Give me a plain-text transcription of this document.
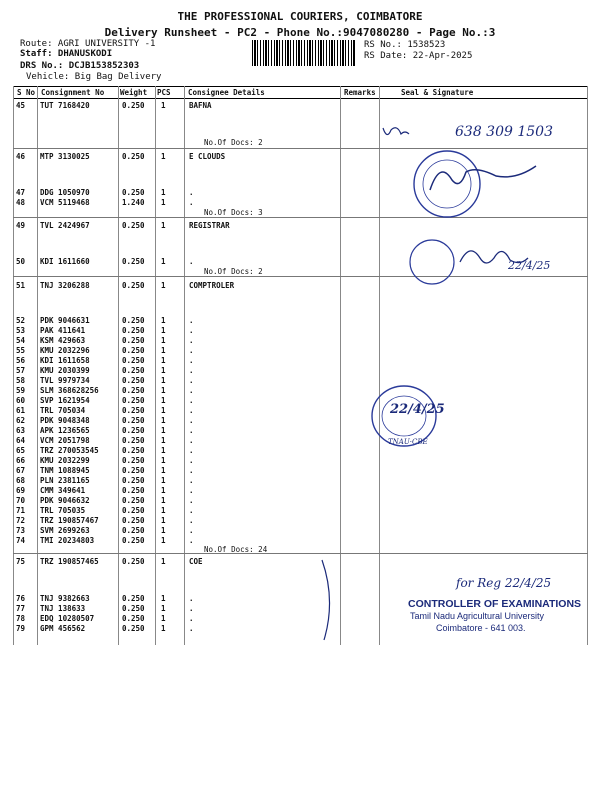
THE PROFESSIONAL COURIERS, COIMBATORE
Delivery Runsheet - PC2 - Phone No.:9047080280 - Page No.:3
Route: AGRI UNIVERSITY -1
Staff: DHANUSKODI
DRS No.: DCJB153852303
Vehicle: Big Bag Delivery
RS No.: 1538523
RS Date: 22-Apr-2025
S No Consignment No Weight PCS Consignee Details	Remarks	Seal & Signature
45 TUT 7168420	0.250 1	BAFNA
No.Of Docs: 2
46 MTP 3130025	0.250 1	E CLOUDS
47 DDG 1050970	0.250 1	.
48 VCM 5119468	1.240 1	.
No.Of Docs: 3
49 TVL 2424967	0.250 1	REGISTRAR
50 KDI 1611660	0.250 1	.
No.Of Docs: 2
51 TNJ 3206288	0.250 1	COMPTROLER
52 PDK 9046631	0.250 1	.
53 PAK 411641	0.250 1	.
54 KSM 429663	0.250 1	.
55 KMU 2032296	0.250 1	.
56 KDI 1611658	0.250 1	.
57 KMU 2030399	0.250 1	.
58 TVL 9979734	0.250 1	.
59 SLM 368628256	0.250 1	.
60 SVP 1621954	0.250 1	.
61 TRL 705034	0.250 1	.
62 PDK 9048348	0.250 1	.
63 APK 1236565	0.250 1	.
64 VCM 2051798	0.250 1	.
65 TRZ 270053545	0.250 1	.
66 KMU 2032299	0.250 1	.
67 TNM 1088945	0.250 1	.
68 PLN 2381165	0.250 1	.
69 CMM 349641	0.250 1	.
70 PDK 9046632	0.250 1	.
71 TRL 705035	0.250 1	.
72 TRZ 190857467	0.250 1	.
73 SVM 2699263	0.250 1	.
74 TMI 20234803	0.250 1	.
No.Of Docs: 24
75 TRZ 190857465	0.250 1	COE
76 TNJ 9382663	0.250 1	.
77 TNJ 138633	0.250 1	.
78 EDQ 10280507	0.250 1	.
79 GPM 456562	0.250 1	.
638 309 1503
22/4/25
22/4/25
TNAU·CBE
for Reg 22/4/25
CONTROLLER OF EXAMINATIONS
Tamil Nadu Agricultural University
Coimbatore - 641 003.
